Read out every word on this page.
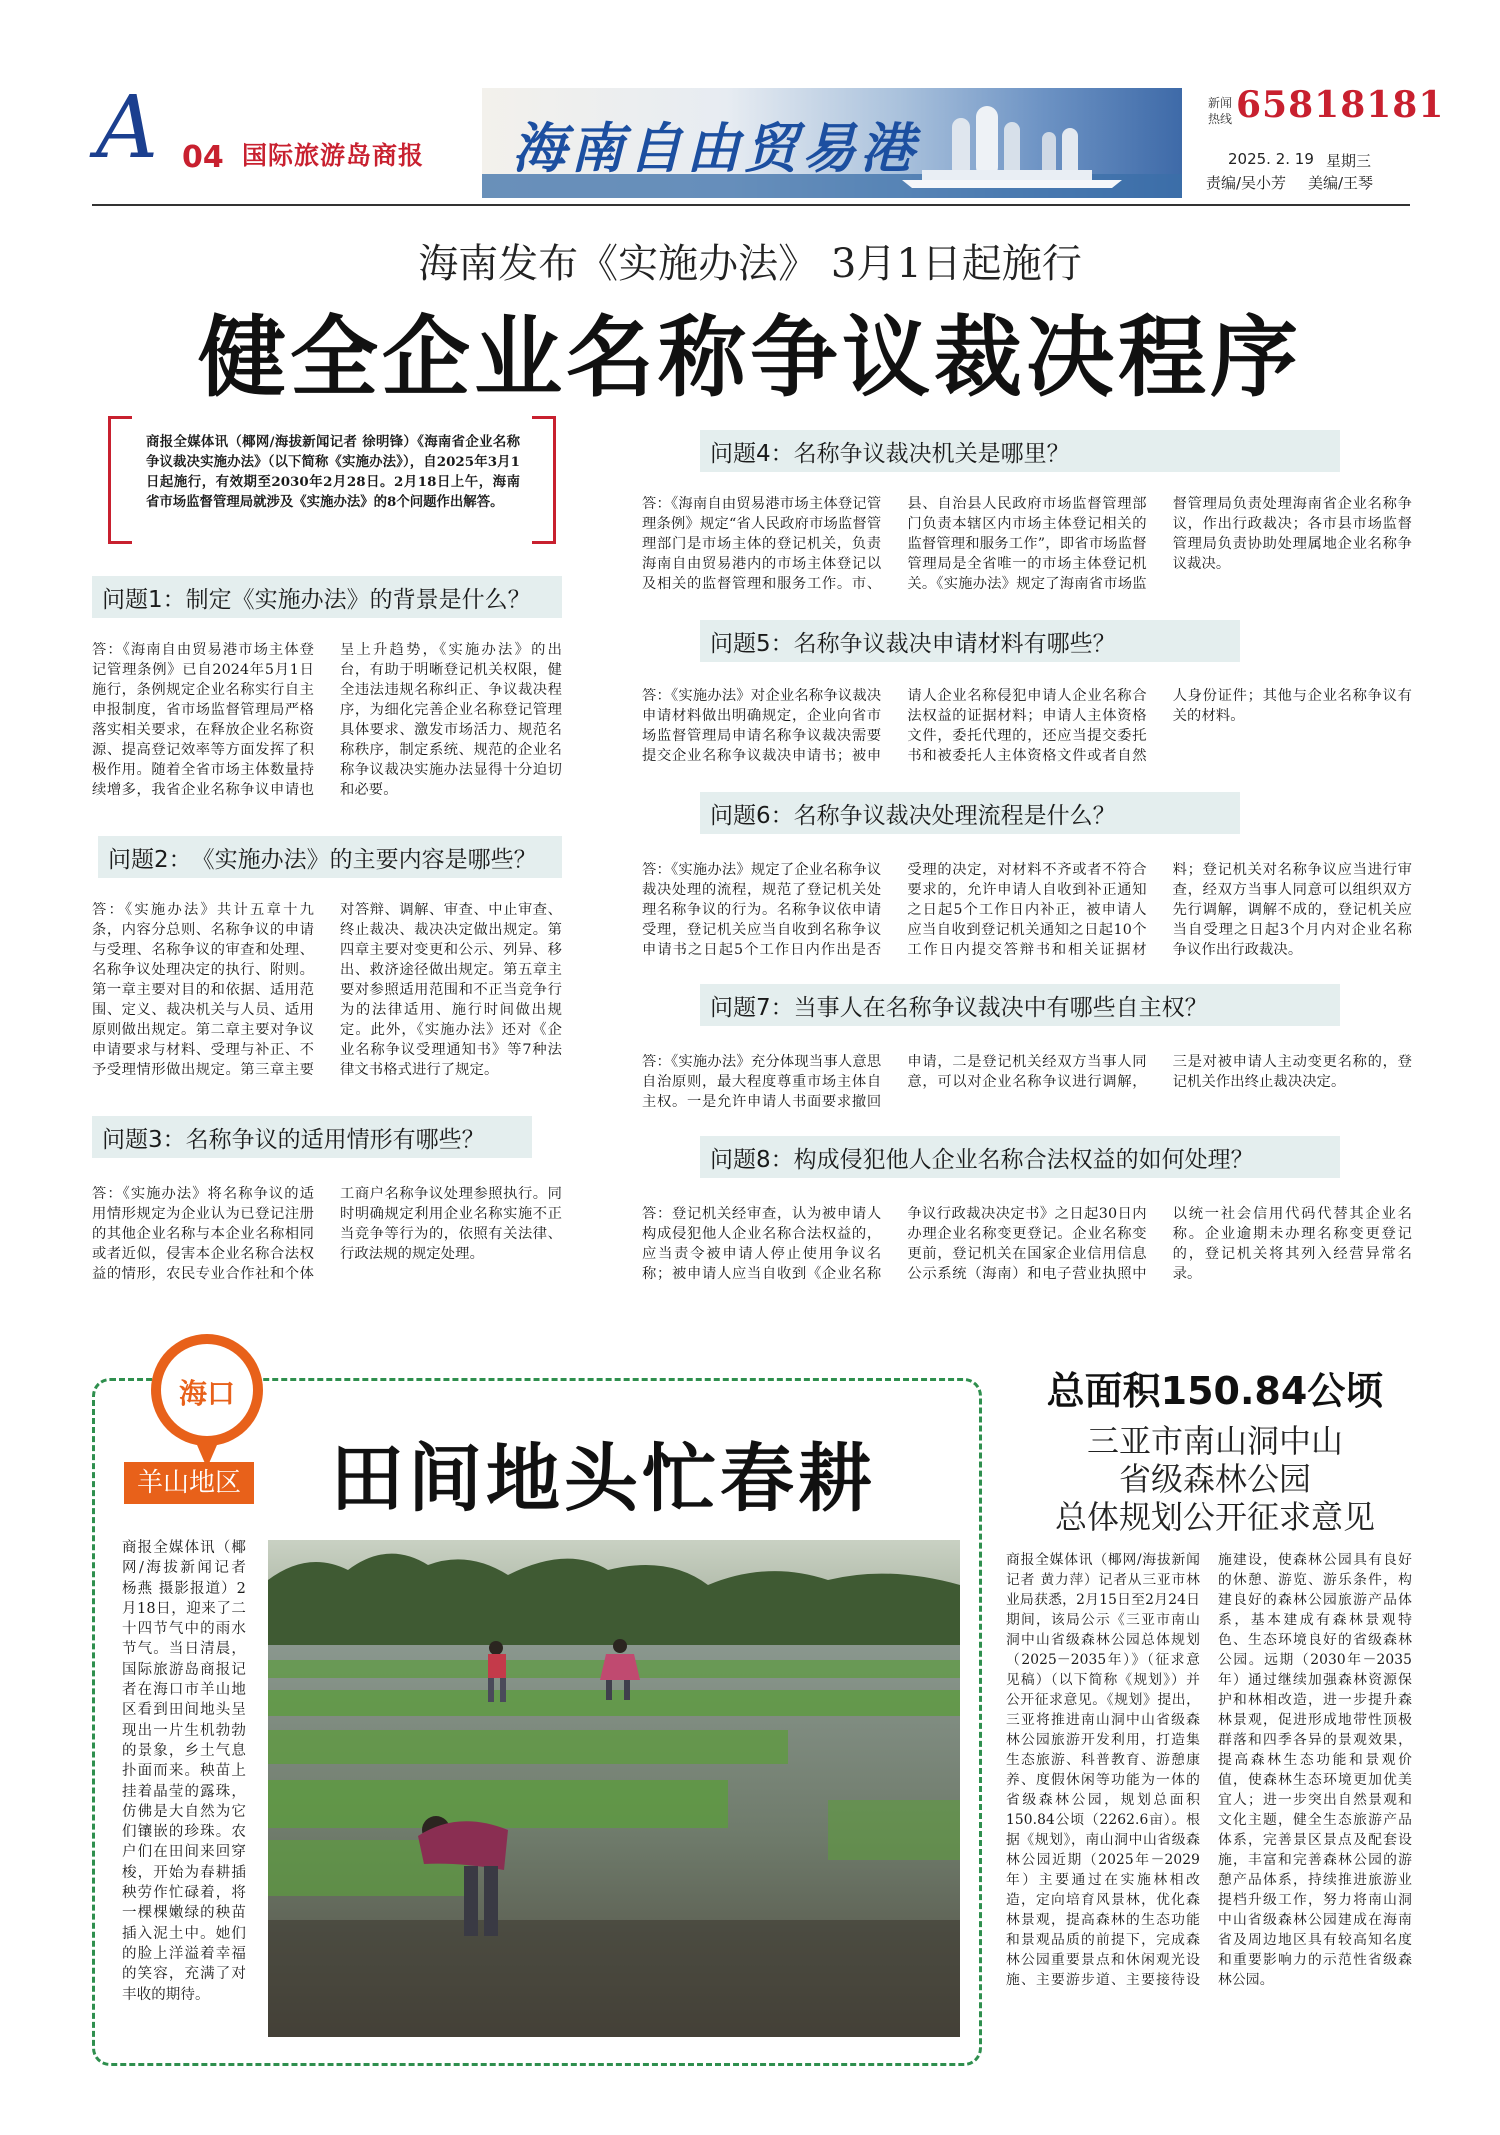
A 04 国际旅游岛商报 海南自由贸易港
新闻
热线 65818181
2025. 2. 19 星期三
责编/吴小芳 美编/王琴
海南发布《实施办法》 3月1日起施行
健全企业名称争议裁决程序

商报全媒体讯（椰网/海拔新闻记者 徐明锋）《海南省企业名称争议裁决实施办法》（以下简称《实施办法》），自2025年3月1日起施行，有效期至2030年2月28日。2月18日上午，海南省市场监督管理局就涉及《实施办法》的8个问题作出解答。

问题1： 制定《实施办法》的背景是什么？

答：《海南自由贸易港市场主体登记管理条例》已自2024年5月1日施行，条例规定企业名称实行自主申报制度，省市场监督管理局严格落实相关要求，在释放企业名称资源、提高登记效率等方面发挥了积极作用。随着全省市场主体数量持续增多，我省企业名称争议申请也呈上升趋势，《实施办法》的出台，有助于明晰登记机关权限，健全违法违规名称纠正、争议裁决程序，为细化完善企业名称登记管理具体要求、激发市场活力、规范名称秩序，制定系统、规范的企业名称争议裁决实施办法显得十分迫切和必要。

问题2： 《实施办法》的主要内容是哪些？

答：《实施办法》共计五章十九条，内容分总则、名称争议的申请与受理、名称争议的审查和处理、名称争议处理决定的执行、附则。第一章主要对目的和依据、适用范围、定义、裁决机关与人员、适用原则做出规定。第二章主要对争议申请要求与材料、受理与补正、不予受理情形做出规定。第三章主要对答辩、调解、审查、中止审查、终止裁决、裁决决定做出规定。第四章主要对变更和公示、列异、移出、救济途径做出规定。第五章主要对参照适用范围和不正当竞争行为的法律适用、施行时间做出规定。此外，《实施办法》还对《企业名称争议受理通知书》等7种法律文书格式进行了规定。

问题3： 名称争议的适用情形有哪些？

答：《实施办法》将名称争议的适用情形规定为企业认为已登记注册的其他企业名称与本企业名称相同或者近似，侵害本企业名称合法权益的情形，农民专业合作社和个体工商户名称争议处理参照执行。同时明确规定利用企业名称实施不正当竞争等行为的，依照有关法律、行政法规的规定处理。

问题4： 名称争议裁决机关是哪里？

答：《海南自由贸易港市场主体登记管理条例》规定“省人民政府市场监督管理部门是市场主体的登记机关，负责海南自由贸易港内的市场主体登记以及相关的监督管理和服务工作。市、县、自治县人民政府市场监督管理部门负责本辖区内市场主体登记相关的监督管理和服务工作”，即省市场监督管理局是全省唯一的市场主体登记机关。《实施办法》规定了海南省市场监督管理局负责处理海南省企业名称争议，作出行政裁决；各市县市场监督管理局负责协助处理属地企业名称争议裁决。

问题5： 名称争议裁决申请材料有哪些？

答：《实施办法》对企业名称争议裁决申请材料做出明确规定，企业向省市场监督管理局申请名称争议裁决需要提交企业名称争议裁决申请书；被申请人企业名称侵犯申请人企业名称合法权益的证据材料；申请人主体资格文件，委托代理的，还应当提交委托书和被委托人主体资格文件或者自然人身份证件；其他与企业名称争议有关的材料。

问题6： 名称争议裁决处理流程是什么？

答：《实施办法》规定了企业名称争议裁决处理的流程，规范了登记机关处理名称争议的行为。名称争议依申请受理，登记机关应当自收到名称争议申请书之日起5个工作日内作出是否受理的决定，对材料不齐或者不符合要求的，允许申请人自收到补正通知之日起5个工作日内补正，被申请人应当自收到登记机关通知之日起10个工作日内提交答辩书和相关证据材料；登记机关对名称争议应当进行审查，经双方当事人同意可以组织双方先行调解，调解不成的，登记机关应当自受理之日起3个月内对企业名称争议作出行政裁决。

问题7： 当事人在名称争议裁决中有哪些自主权？

答：《实施办法》充分体现当事人意思自治原则，最大程度尊重市场主体自主权。一是允许申请人书面要求撤回申请，二是登记机关经双方当事人同意，可以对企业名称争议进行调解，三是对被申请人主动变更名称的，登记机关作出终止裁决决定。

问题8： 构成侵犯他人企业名称合法权益的如何处理？

答：登记机关经审查，认为被申请人构成侵犯他人企业名称合法权益的，应当责令被申请人停止使用争议名称；被申请人应当自收到《企业名称争议行政裁决决定书》之日起30日内办理企业名称变更登记。企业名称变更前，登记机关在国家企业信用信息公示系统（海南）和电子营业执照中以统一社会信用代码代替其企业名称。企业逾期未办理名称变更登记的，登记机关将其列入经营异常名录。

海口
羊山地区 田间地头忙春耕

商报全媒体讯（椰网/海拔新闻记者 杨燕 摄影报道）2月18日，迎来了二十四节气中的雨水节气。当日清晨，国际旅游岛商报记者在海口市羊山地区看到田间地头呈现出一片生机勃勃的景象，乡土气息扑面而来。秧苗上挂着晶莹的露珠，仿佛是大自然为它们镶嵌的珍珠。农户们在田间来回穿梭，开始为春耕插秧劳作忙碌着，将一棵棵嫩绿的秧苗插入泥土中。她们的脸上洋溢着幸福的笑容，充满了对丰收的期待。

总面积150.84公顷
三亚市南山洞中山
省级森林公园
总体规划公开征求意见

商报全媒体讯（椰网/海拔新闻记者 黄力萍）记者从三亚市林业局获悉，2月15日至2月24日期间，该局公示《三亚市南山洞中山省级森林公园总体规划（2025－2035年）》（征求意见稿）（以下简称《规划》）并公开征求意见。《规划》提出，三亚将推进南山洞中山省级森林公园旅游开发利用，打造集生态旅游、科普教育、游憩康养、度假休闲等功能为一体的省级森林公园，规划总面积150.84公顷（2262.6亩）。根据《规划》，南山洞中山省级森林公园近期（2025年－2029年）主要通过在实施林相改造，定向培育风景林，优化森林景观，提高森林的生态功能和景观品质的前提下，完成森林公园重要景点和休闲观光设施、主要游步道、主要接待设施建设，使森林公园具有良好的休憩、游览、游乐条件，构建良好的森林公园旅游产品体系，基本建成有森林景观特色、生态环境良好的省级森林公园。远期（2030年－2035年）通过继续加强森林资源保护和林相改造，进一步提升森林景观，促进形成地带性顶极群落和四季各异的景观效果，提高森林生态功能和景观价值，使森林生态环境更加优美宜人；进一步突出自然景观和文化主题，健全生态旅游产品体系，完善景区景点及配套设施，丰富和完善森林公园的游憩产品体系，持续推进旅游业提档升级工作，努力将南山洞中山省级森林公园建成在海南省及周边地区具有较高知名度和重要影响力的示范性省级森林公园。
